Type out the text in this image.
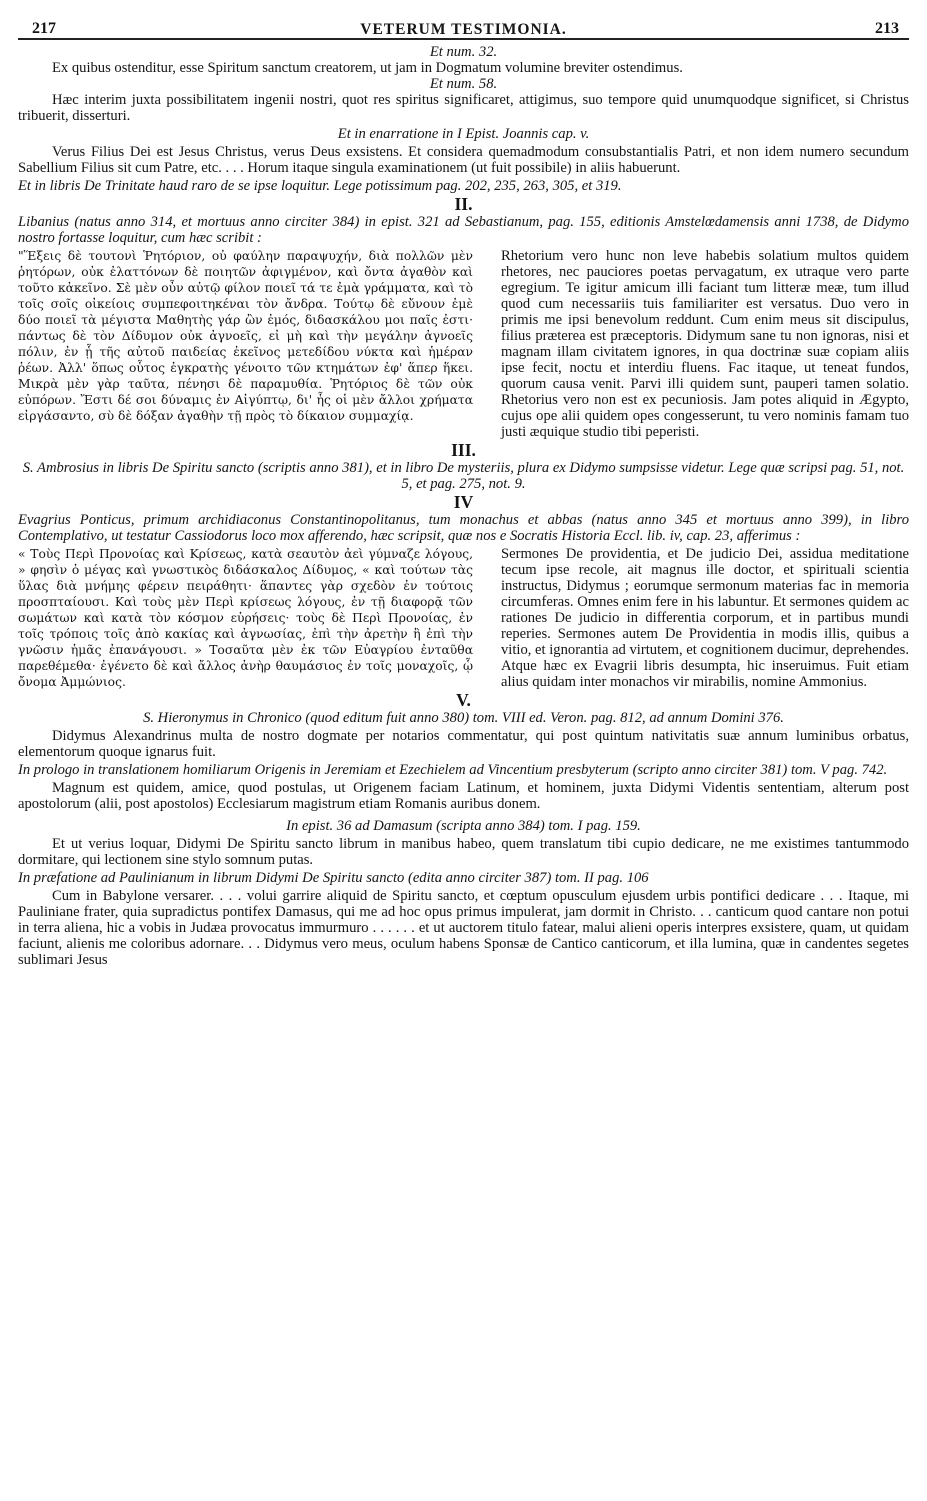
217	VETERUM TESTIMONIA.	213

Et num. 32.

Ex quibus ostenditur, esse Spiritum sanctum creatorem, ut jam in Dogmatum volumine breviter ostendimus.

Et num. 58.

Hæc interim juxta possibilitatem ingenii nostri, quot res spiritus significaret, attigimus, suo tempore quid unumquodque significet, si Christus tribuerit, disserturi.

Et in enarratione in I Epist. Joannis cap. v.

Verus Filius Dei est Jesus Christus, verus Deus exsistens. Et considera quemadmodum consubstantialis Patri, et non idem numero secundum Sabellium Filius sit cum Patre, etc. . . . Horum itaque singula examinationem (ut fuit possibile) in aliis habuerunt.

Et in libris De Trinitate haud raro de se ipse loquitur. Lege potissimum pag. 202, 235, 263, 305, et 319.

II.

Libanius (natus anno 314, et mortuus anno circiter 384) in epist. 321 ad Sebastianum, pag. 155, editionis Amstelœdamensis anni 1738, de Didymo nostro fortasse loquitur, cum hæc scribit :

"Ἕξεις δὲ τουτονὶ Ῥητόριον, οὐ φαύλην παραψυχήν, διὰ πολλῶν μὲν ῥητόρων, οὐκ ἐλαττόνων δὲ ποιητῶν ἀφιγμένον, καὶ ὄντα ἀγαθὸν καὶ τοῦτο κἀκεῖνο. Σὲ μὲν οὖν αὐτῷ φίλον ποιεῖ τά τε ἐμὰ γράμματα, καὶ τὸ τοῖς σοῖς οἰκείοις συμπεφοιτηκέναι τὸν ἄνδρα. Τούτῳ δὲ εὔνουν ἐμὲ δύο ποιεῖ τὰ μέγιστα Μαθητὴς γάρ ὢν ἐμός, διδασκάλου μοι παῖς ἐστι· πάντως δὲ τὸν Δίδυμον οὐκ ἀγνοεῖς, εἰ μὴ καὶ τὴν μεγάλην ἀγνοεῖς πόλιν, ἐν ᾗ τῆς αὐτοῦ παιδείας ἐκεῖνος μετεδίδου νύκτα καὶ ἡμέραν ῥέων. Ἀλλ' ὅπως οὗτος ἐγκρατὴς γένοιτο τῶν κτημάτων ἐφ' ἅπερ ἥκει. Μικρὰ μὲν γὰρ ταῦτα, πένησι δὲ παραμυθία. Ῥητόριος δὲ τῶν οὐκ εὐπόρων. Ἔστι δέ σοι δύναμις ἐν Αἰγύπτῳ, δι' ἧς οἱ μὲν ἄλλοι χρήματα εἰργάσαντο, σὺ δὲ δόξαν ἀγαθὴν τῇ πρὸς τὸ δίκαιον συμμαχίᾳ.

Rhetorium vero hunc non leve habebis solatium multos quidem rhetores, nec pauciores poetas pervagatum, ex utraque vero parte egregium. Te igitur amicum illi faciant tum litteræ meæ, tum illud quod cum necessariis tuis familiariter est versatus. Duo vero in primis me ipsi benevolum reddunt. Cum enim meus sit discipulus, filius præterea est præceptoris. Didymum sane tu non ignoras, nisi et magnam illam civitatem ignores, in qua doctrinæ suæ copiam aliis ipse fecit, noctu et interdiu fluens. Fac itaque, ut teneat fundos, quorum causa venit. Parvi illi quidem sunt, pauperi tamen solatio. Rhetorius vero non est ex pecuniosis. Jam potes aliquid in Ægypto, cujus ope alii quidem opes congesserunt, tu vero nominis famam tuo justi æquique studio tibi peperisti.

III.

S. Ambrosius in libris De Spiritu sancto (scriptis anno 381), et in libro De mysteriis, plura ex Didymo sumpsisse videtur. Lege quæ scripsi pag. 51, not. 5, et pag. 275, not. 9.

IV

Evagrius Ponticus, primum archidiaconus Constantinopolitanus, tum monachus et abbas (natus anno 345 et mortuus anno 399), in libro Contemplativo, ut testatur Cassiodorus loco mox afferendo, hæc scripsit, quæ nos e Socratis Historia Eccl. lib. iv, cap. 23, afferimus :

« Τοὺς Περὶ Προνοίας καὶ Κρίσεως, κατὰ σεαυτὸν ἀεὶ γύμναζε λόγους, » φησὶν ὁ μέγας καὶ γνωστικὸς διδάσκαλος Δίδυμος, « καὶ τούτων τὰς ὕλας διὰ μνήμης φέρειν πειράθητι· ἅπαντες γὰρ σχεδὸν ἐν τούτοις προσπταίουσι. Καὶ τοὺς μὲν Περὶ κρίσεως λόγους, ἐν τῇ διαφορᾷ τῶν σωμάτων καὶ κατὰ τὸν κόσμον εὑρήσεις· τοὺς δὲ Περὶ Προνοίας, ἐν τοῖς τρόποις τοῖς ἀπὸ κακίας καὶ ἀγνωσίας, ἐπὶ τὴν ἀρετὴν ἢ ἐπὶ τὴν γνῶσιν ἡμᾶς ἐπανάγουσι. » Τοσαῦτα μὲν ἐκ τῶν Εὐαγρίου ἐνταῦθα παρεθέμεθα· ἐγένετο δὲ καὶ ἄλλος ἀνὴρ θαυμάσιος ἐν τοῖς μοναχοῖς, ᾧ ὄνομα Ἀμμώνιος.

Sermones De providentia, et De judicio Dei, assidua meditatione tecum ipse recole, ait magnus ille doctor, et spirituali scientia instructus, Didymus ; eorumque sermonum materias fac in memoria circumferas. Omnes enim fere in his labuntur. Et sermones quidem ac rationes De judicio in differentia corporum, et in partibus mundi reperies. Sermones autem De Providentia in modis illis, quibus a vitio, et ignorantia ad virtutem, et cognitionem ducimur, deprehendes. Atque hæc ex Evagrii libris desumpta, hic inseruimus. Fuit etiam alius quidam inter monachos vir mirabilis, nomine Ammonius.

V.

S. Hieronymus in Chronico (quod editum fuit anno 380) tom. VIII ed. Veron. pag. 812, ad annum Domini 376.

Didymus Alexandrinus multa de nostro dogmate per notarios commentatur, qui post quintum nativitatis suæ annum luminibus orbatus, elementorum quoque ignarus fuit.

In prologo in translationem homiliarum Origenis in Jeremiam et Ezechielem ad Vincentium presbyterum (scripto anno circiter 381) tom. V pag. 742.

Magnum est quidem, amice, quod postulas, ut Origenem faciam Latinum, et hominem, juxta Didymi Videntis sententiam, alterum post apostolorum (alii, post apostolos) Ecclesiarum magistrum etiam Romanis auribus donem.

In epist. 36 ad Damasum (scripta anno 384) tom. I pag. 159.

Et ut verius loquar, Didymi De Spiritu sancto librum in manibus habeo, quem translatum tibi cupio dedicare, ne me existimes tantummodo dormitare, qui lectionem sine stylo somnum putas.

In præfatione ad Paulinianum in librum Didymi De Spiritu sancto (edita anno circiter 387) tom. II pag. 106

Cum in Babylone versarer. . . . volui garrire aliquid de Spiritu sancto, et cœptum opusculum ejusdem urbis pontifici dedicare . . . Itaque, mi Pauliniane frater, quia supradictus pontifex Damasus, qui me ad hoc opus primus impulerat, jam dormit in Christo. . . canticum quod cantare non potui in terra aliena, hic a vobis in Judæa provocatus immurmuro . . . . . . et ut auctorem titulo fatear, malui alieni operis interpres exsistere, quam, ut quidam faciunt, alienis me coloribus adornare. . . Didymus vero meus, oculum habens Sponsæ de Cantico canticorum, et illa lumina, quæ in candentes segetes sublimari Jesus
